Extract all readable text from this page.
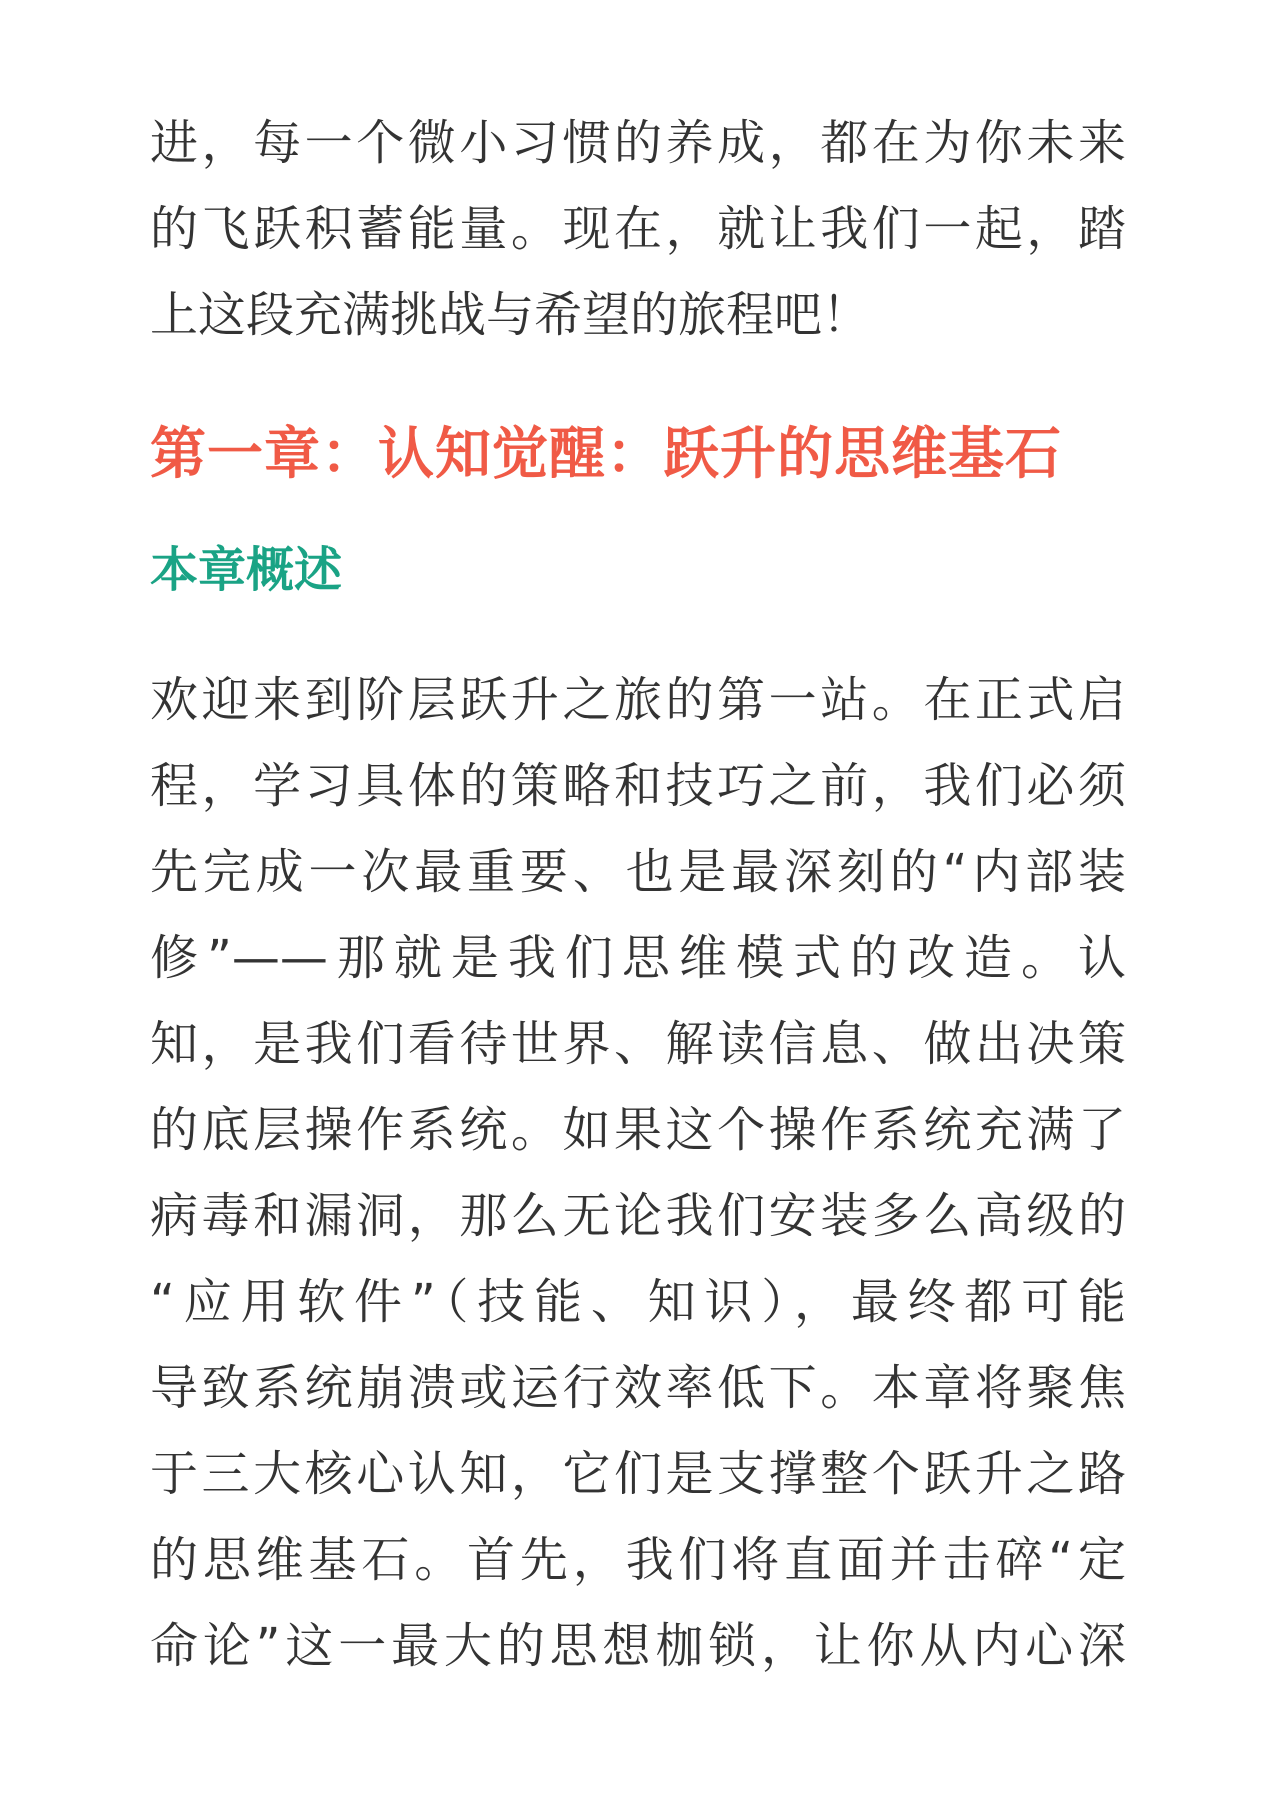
进，每一个微小习惯的养成，都在为你未来
的飞跃积蓄能量。现在，就让我们一起，踏
上这段充满挑战与希望的旅程吧！
第一章：认知觉醒：跃升的思维基石
本章概述
欢迎来到阶层跃升之旅的第一站。在正式启
程，学习具体的策略和技巧之前，我们必须
先完成一次最重要、也是最深刻的“内部装
修”——那就是我们思维模式的改造。认
知，是我们看待世界、解读信息、做出决策
的底层操作系统。如果这个操作系统充满了
病毒和漏洞，那么无论我们安装多么高级的
“应用软件”（技能、知识），最终都可能
导致系统崩溃或运行效率低下。本章将聚焦
于三大核心认知，它们是支撑整个跃升之路
的思维基石。首先，我们将直面并击碎“定
命论”这一最大的思想枷锁，让你从内心深
